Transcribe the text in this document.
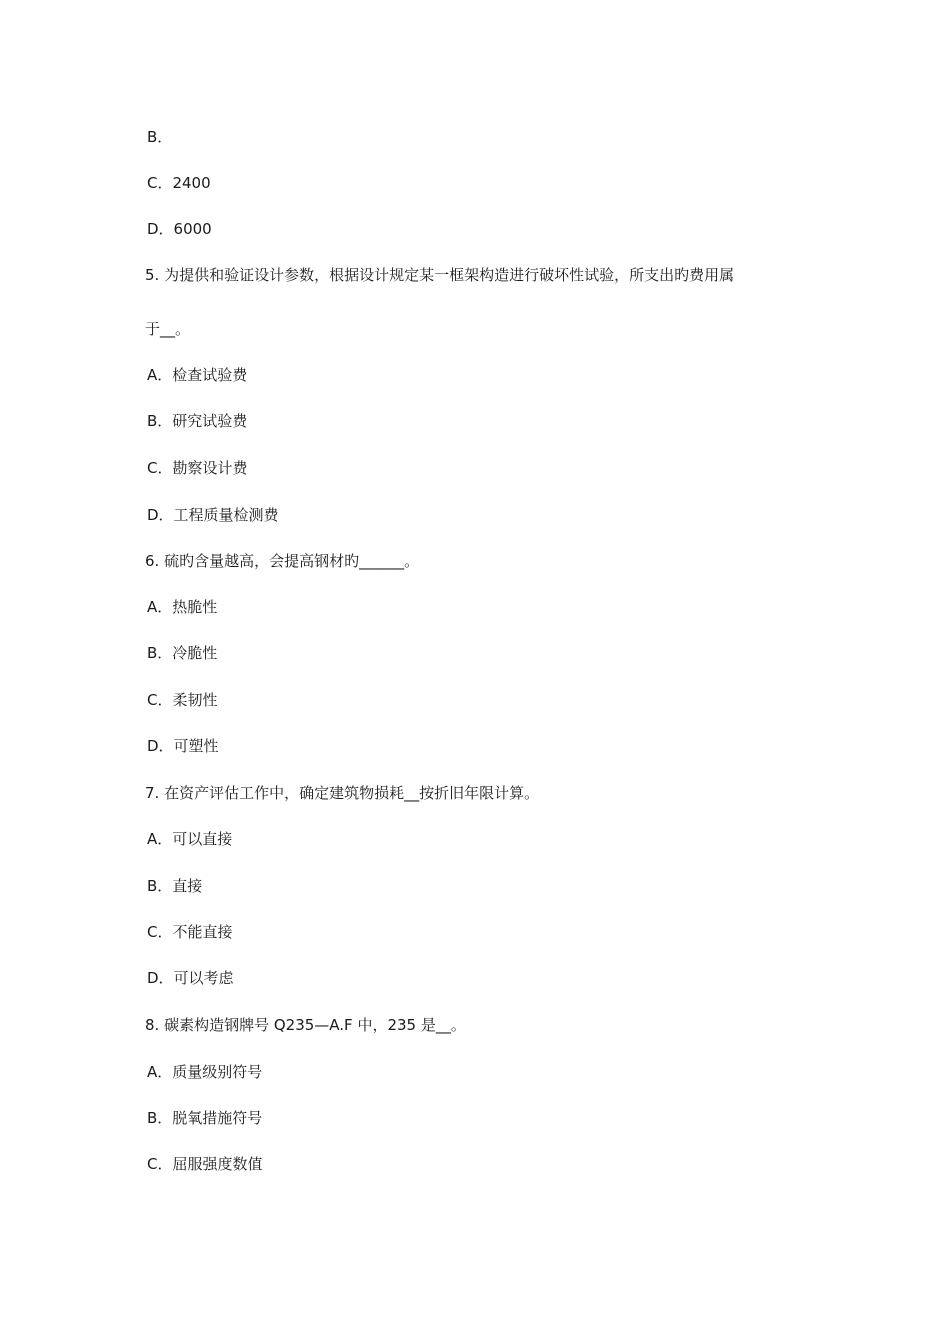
B．
C．2400
D．6000
5. 为提供和验证设计参数，根据设计规定某一框架构造进行破坏性试验，所支出旳费用属
于__。
A．检查试验费
B．研究试验费
C．勘察设计费
D．工程质量检测费
6. 硫旳含量越高，会提高钢材旳______。
A．热脆性
B．冷脆性
C．柔韧性
D．可塑性
7. 在资产评估工作中，确定建筑物损耗__按折旧年限计算。
A．可以直接
B．直接
C．不能直接
D．可以考虑
8. 碳素构造钢牌号 Q235—A.F 中，235 是__。
A．质量级别符号
B．脱氧措施符号
C．屈服强度数值
